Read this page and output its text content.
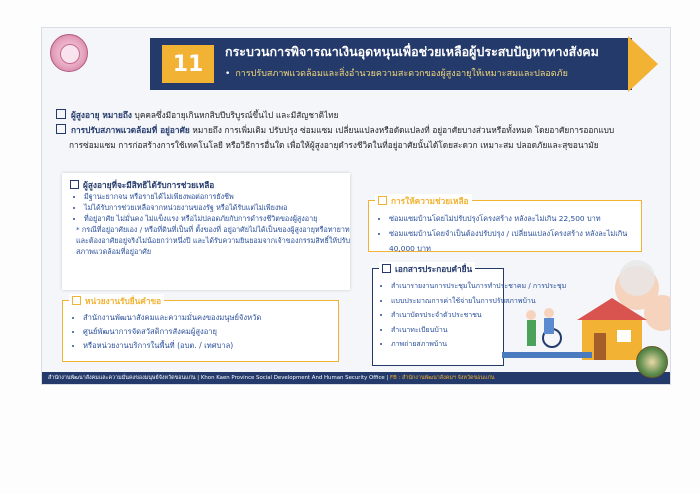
11	กระบวนการพิจารณาเงินอุดหนุนเพื่อช่วยเหลือผู้ประสบปัญหาทางสังคม
• การปรับสภาพแวดล้อมและสิ่งอำนวยความสะดวกของผู้สูงอายุให้เหมาะสมและปลอดภัย
ผู้สูงอายุ หมายถึง บุคคลซึ่งมีอายุเกินหกสิบปีบริบูรณ์ขึ้นไป และมีสัญชาติไทย
การปรับสภาพแวดล้อมที่ อยู่อาศัย หมายถึง การเพิ่มเติม ปรับปรุง ซ่อมแซม เปลี่ยนแปลงหรือดัดแปลงที่ อยู่อาศัยบางส่วนหรือทั้งหมด โดยอาศัยการออกแบบ
การซ่อมแซม การก่อสร้างการใช้เทคโนโลยี หรือวิธีการอื่นใด เพื่อให้ผู้สูงอายุดำรงชีวิตในที่อยู่อาศัยนั้นได้โดยสะดวก เหมาะสม ปลอดภัยและสุขอนามัย
ผู้สูงอายุที่จะมีสิทธิได้รับการช่วยเหลือ
• มีฐานะยากจน หรือรายได้ไม่เพียงพอต่อการยังชีพ
• ไม่ได้รับการช่วยเหลือจากหน่วยงานของรัฐ หรือได้รับแต่ไม่เพียงพอ
• ที่อยู่อาศัย ไม่มั่นคง ไม่แข็งแรง หรือไม่ปลอดภัยกับการดำรงชีวิตของผู้สูงอายุ
* กรณีที่อยู่อาศัยเอง / หรือที่ดินที่เป็นที่ ตั้งของที่ อยู่อาศัยไม่ได้เป็นของผู้สูงอายุหรือทายาท และต้องอาศัยอยู่จริงไม่น้อยกว่าหนึ่งปี และได้รับความยินยอมจากเจ้าของกรรมสิทธิ์ให้ปรับสภาพแวดล้อมที่อยู่อาศัย
หน่วยงานรับยื่นคำขอ
• สำนักงานพัฒนาสังคมและความมั่นคงของมนุษย์จังหวัด
• ศูนย์พัฒนาการจัดสวัสดิการสังคมผู้สูงอายุ
• หรือหน่วยงานบริการในพื้นที่ (อบต. / เทศบาล)
การให้ความช่วยเหลือ
• ซ่อมแซมบ้านโดยไม่ปรับปรุงโครงสร้าง หลังละไม่เกิน 22,500 บาท
• ซ่อมแซมบ้านโดยจำเป็นต้องปรับปรุง / เปลี่ยนแปลงโครงสร้าง หลังละไม่เกิน 40,000 บาท
เอกสารประกอบคำยื่น
• สำเนารายงานการประชุมในการทำประชาคม / การประชุม
• แบบประมาณการค่าใช้จ่ายในการปรับสภาพบ้าน
• สำเนาบัตรประจำตัวประชาชน
• สำเนาทะเบียนบ้าน
• ภาพถ่ายสภาพบ้าน
สำนักงานพัฒนาสังคมและความมั่นคงของมนุษย์จังหวัดขอนแก่น | Khon Kaen Province Social Development And Human Security Office | FB : สำนักงานพัฒนาสังคมฯ จังหวัดขอนแก่น
